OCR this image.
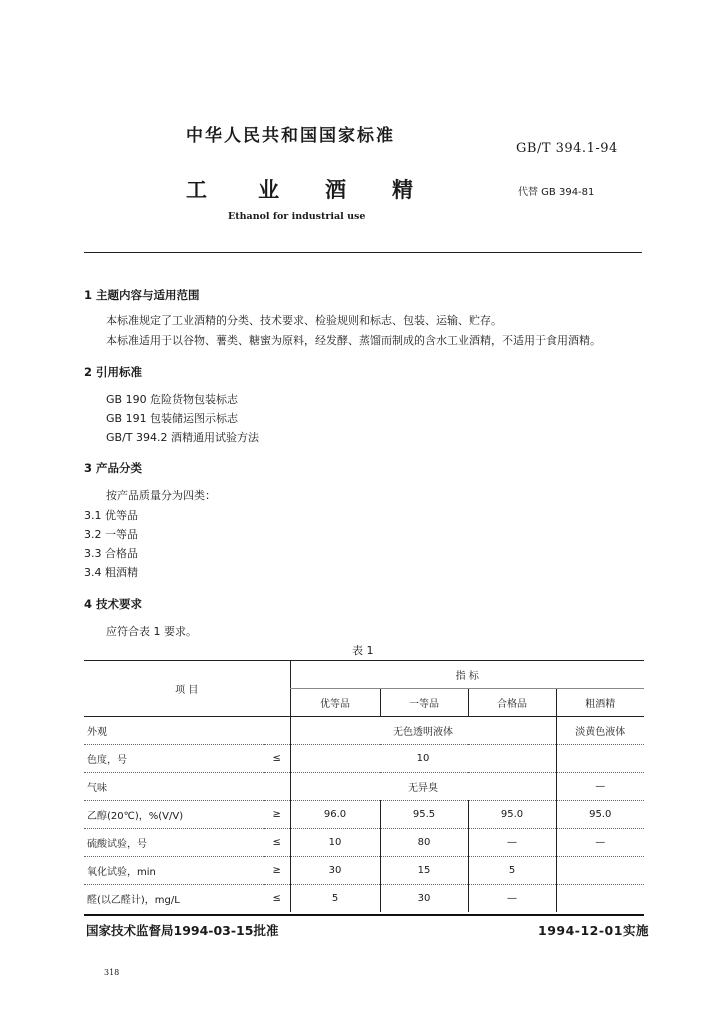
中华人民共和国国家标准
GB/T 394.1-94
工 业 酒 精	代替 GB 394-81
Ethanol for industrial use
1 主题内容与适用范围
本标准规定了工业酒精的分类、技术要求、检验规则和标志、包装、运输、贮存。
本标准适用于以谷物、薯类、糖蜜为原料，经发酵、蒸馏而制成的含水工业酒精，不适用于食用酒精。
2 引用标准
GB 190 危险货物包装标志
GB 191 包装储运图示标志
GB/T 394.2 酒精通用试验方法
3 产品分类
按产品质量分为四类：
3.1 优等品
3.2 一等品
3.3 合格品
3.4 粗酒精
4 技术要求
应符合表 1 要求。
表 1
项 目		指 标			
		优等品	一等品	合格品	粗酒精
外观		无色透明液体			淡黄色液体
色度，号	≤	10			
气味		无异臭			—
乙醇(20℃)，%(V/V)	≥	96.0	95.5	95.0	95.0
硫酸试验，号	≤	10	80	—	—
氧化试验，min	≥	30	15	5	
醛(以乙醛计)，mg/L	≤	5	30	—	
国家技术监督局1994-03-15批准	1994-12-01实施
318
